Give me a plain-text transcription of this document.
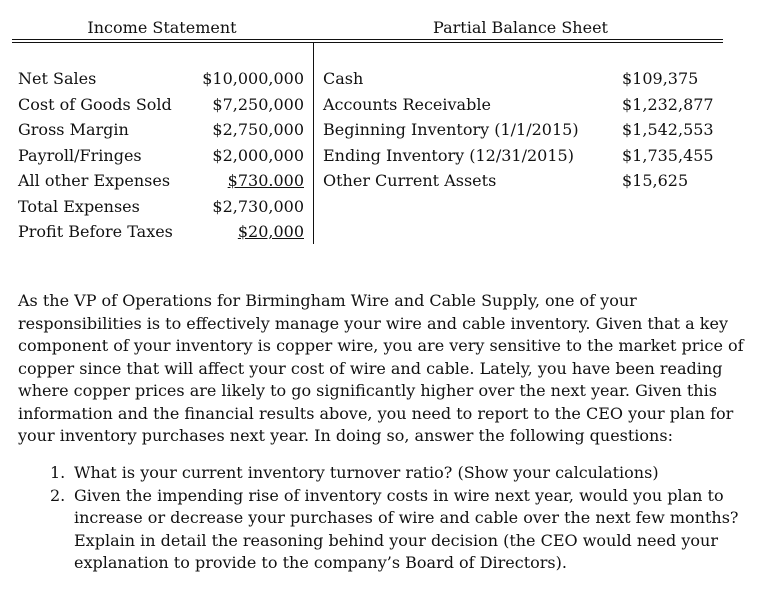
Income Statement	Partial Balance Sheet
Net Sales
Cost of Goods Sold
Gross Margin
Payroll/Fringes
All other Expenses
Total Expenses
Profit Before Taxes
$10,000,000
$7,250,000
$2,750,000
$2,000,000
$730.000
$2,730,000
$20,000
Cash
Accounts Receivable
Beginning Inventory (1/1/2015)
Ending Inventory (12/31/2015)
Other Current Assets
$109,375
$1,232,877
$1,542,553
$1,735,455
$15,625

As the VP of Operations for Birmingham Wire and Cable Supply, one of your
responsibilities is to effectively manage your wire and cable inventory. Given that a key
component of your inventory is copper wire, you are very sensitive to the market price of
copper since that will affect your cost of wire and cable. Lately, you have been reading
where copper prices are likely to go significantly higher over the next year. Given this
information and the financial results above, you need to report to the CEO your plan for
your inventory purchases next year. In doing so, answer the following questions:

1. What is your current inventory turnover ratio? (Show your calculations)
2. Given the impending rise of inventory costs in wire next year, would you plan to
increase or decrease your purchases of wire and cable over the next few months?
Explain in detail the reasoning behind your decision (the CEO would need your
explanation to provide to the company’s Board of Directors).
